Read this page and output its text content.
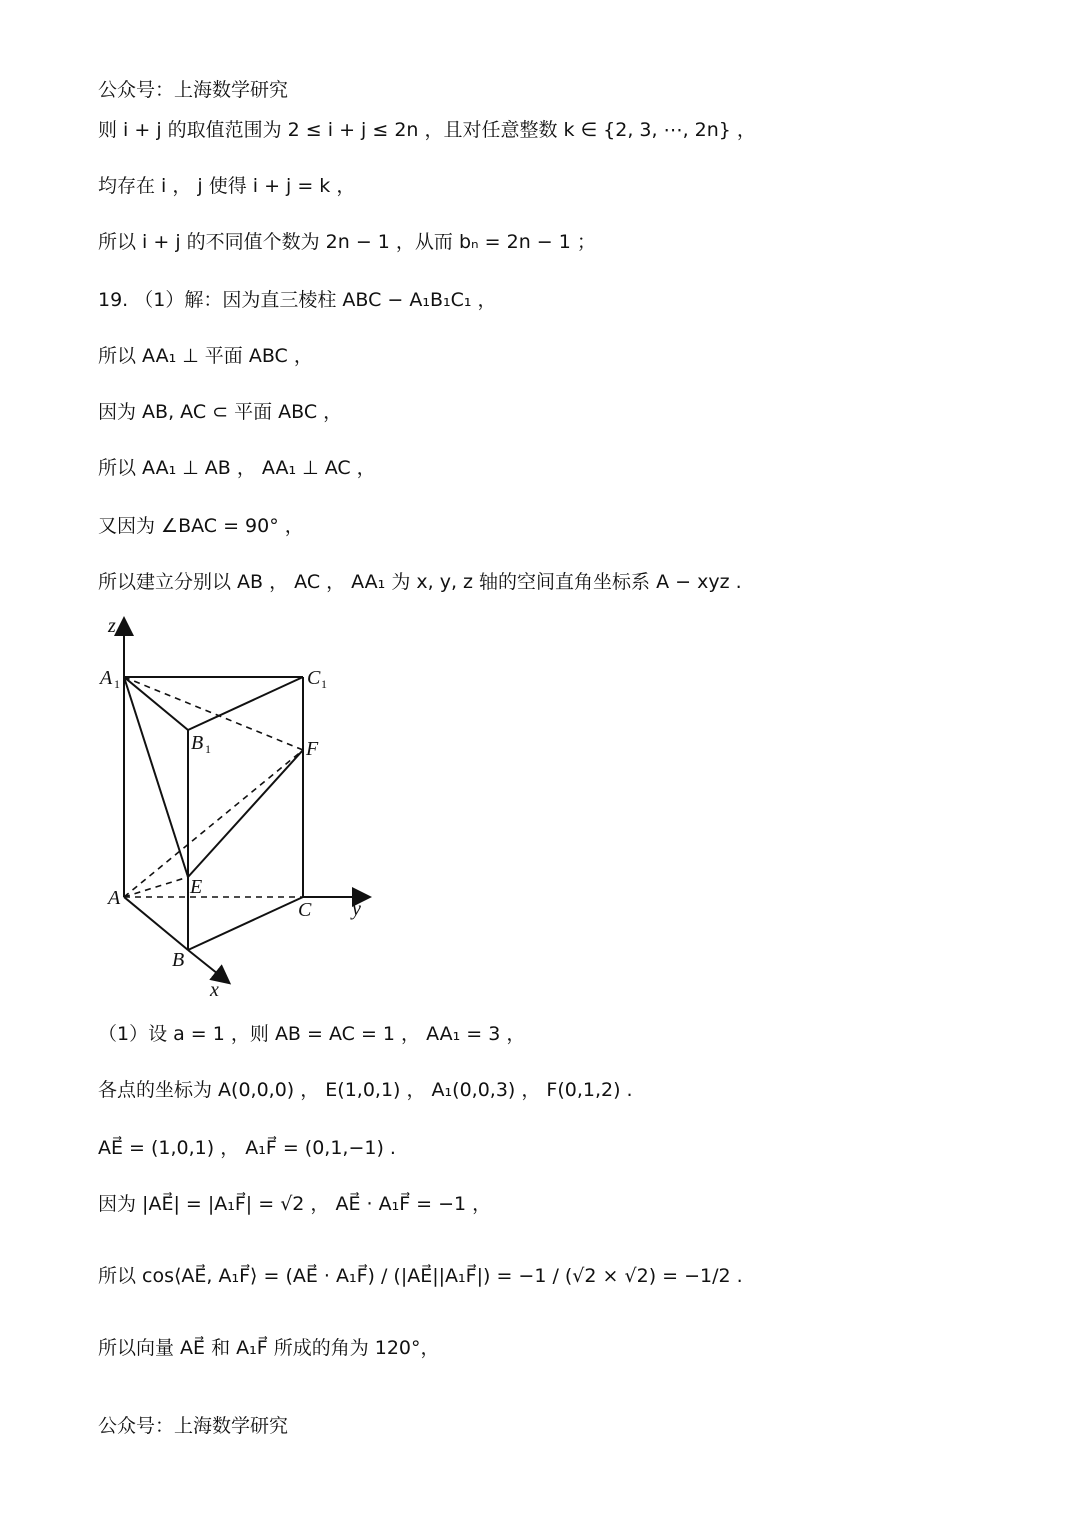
公众号：上海数学研究
则 i + j 的取值范围为 2 ≤ i + j ≤ 2n ，且对任意整数 k ∈ {2, 3, ⋯, 2n} ，
均存在 i ， j 使得 i + j = k ，
所以 i + j 的不同值个数为 2n − 1 ，从而 bₙ = 2n − 1 ；
19. （1）解：因为直三棱柱 ABC − A₁B₁C₁ ，
所以 AA₁ ⊥ 平面 ABC ，
因为 AB, AC ⊂ 平面 ABC ，
所以 AA₁ ⊥ AB ， AA₁ ⊥ AC ，
又因为 ∠BAC = 90° ，
所以建立分别以 AB ， AC ， AA₁ 为 x, y, z 轴的空间直角坐标系 A − xyz .
z
y
x
A 1	C 1
B 1	F
E
A
C
B
（1）设 a = 1 ，则 AB = AC = 1 ， AA₁ = 3 ，
各点的坐标为 A(0,0,0) ， E(1,0,1) ， A₁(0,0,3) ， F(0,1,2) .
AE⃗ = (1,0,1) ， A₁F⃗ = (0,1,−1) .
因为 |AE⃗| = |A₁F⃗| = √2 ， AE⃗ · A₁F⃗ = −1 ，
所以 cos⟨AE⃗, A₁F⃗⟩ = (AE⃗ · A₁F⃗) / (|AE⃗||A₁F⃗|) = −1 / (√2 × √2) = −1/2 .
所以向量 AE⃗ 和 A₁F⃗ 所成的角为 120°，
公众号：上海数学研究
